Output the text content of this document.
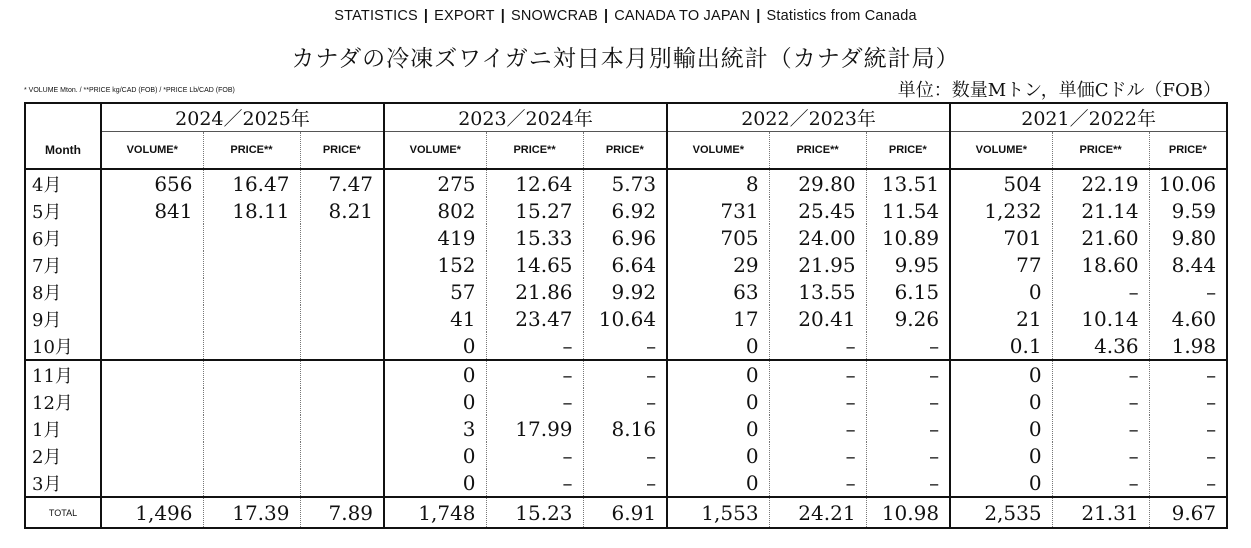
STATISTICS | EXPORT | SNOWCRAB | CANADA TO JAPAN | Statistics from Canada
カナダの冷凍ズワイガニ対日本月別輸出統計（カナダ統計局）
* VOLUME Mton. / **PRICE kg/CAD (FOB) / *PRICE Lb/CAD (FOB)	単位：数量Mトン，単価Cドル（FOB）
	2024／2025年			2023／2024年			2022／2023年			2021／2022年		
Month	VOLUME*	PRICE**	PRICE*	VOLUME*	PRICE**	PRICE*	VOLUME*	PRICE**	PRICE*	VOLUME*	PRICE**	PRICE*
4月	656	16.47	7.47	275	12.64	5.73	8	29.80	13.51	504	22.19	10.06
5月	841	18.11	8.21	802	15.27	6.92	731	25.45	11.54	1,232	21.14	9.59
6月				419	15.33	6.96	705	24.00	10.89	701	21.60	9.80
7月				152	14.65	6.64	29	21.95	9.95	77	18.60	8.44
8月				57	21.86	9.92	63	13.55	6.15	0	–	–
9月				41	23.47	10.64	17	20.41	9.26	21	10.14	4.60
10月				0	–	–	0	–	–	0.1	4.36	1.98
11月				0	–	–	0	–	–	0	–	–
12月				0	–	–	0	–	–	0	–	–
1月				3	17.99	8.16	0	–	–	0	–	–
2月				0	–	–	0	–	–	0	–	–
3月				0	–	–	0	–	–	0	–	–
TOTAL	1,496	17.39	7.89	1,748	15.23	6.91	1,553	24.21	10.98	2,535	21.31	9.67
